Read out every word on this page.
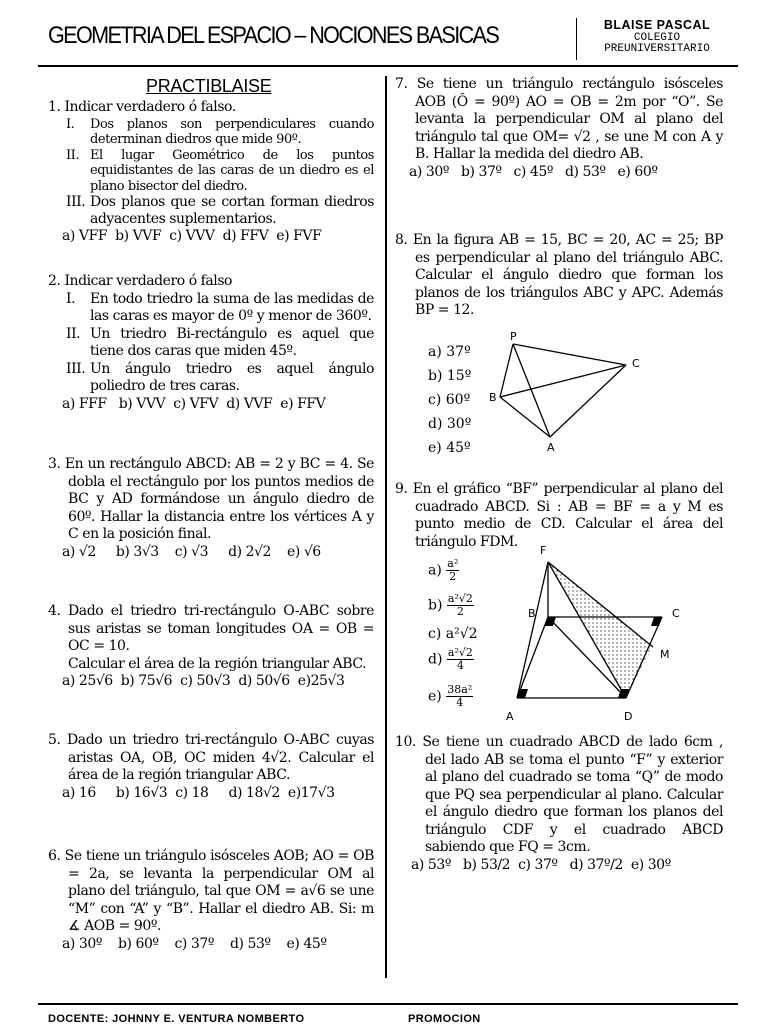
GEOMETRIA DEL ESPACIO – NOCIONES BASICAS	BLAISE PASCAL
COLEGIO
PREUNIVERSITARIO
PRACTIBLAISE

1. Indicar verdadero ó falso.

I.	Dos planos son perpendiculares cuando determinan diedros que mide 90º.
II. El lugar Geométrico de los puntos equidistantes de las caras de un diedro es el plano bisector del diedro.
III. Dos planos que se cortan forman diedros adyacentes suplementarios.

a) VFF  b) VVF  c) VVV  d) FFV  e) FVF

2. Indicar verdadero ó falso

I.	En todo triedro la suma de las medidas de las caras es mayor de 0º y menor de 360º.
II. Un triedro Bi-rectángulo es aquel que tiene dos caras que miden 45º.
III. Un ángulo triedro es aquel ángulo poliedro de tres caras.

a) FFF   b) VVV  c) VFV  d) VVF  e) FFV

3. En un rectángulo ABCD: AB = 2 y BC = 4. Se dobla el rectángulo por los puntos medios de BC y AD formándose un ángulo diedro de 60º. Hallar la distancia entre los vértices A y C en la posición final.

a) √2     b) 3√3    c) √3     d) 2√2    e) √6

4. Dado el triedro tri-rectángulo O-ABC sobre sus aristas se toman longitudes OA = OB = OC = 10.

Calcular el área de la región triangular ABC.

a) 25√6  b) 75√6  c) 50√3  d) 50√6  e)25√3

5. Dado un triedro tri-rectángulo O-ABC cuyas aristas OA, OB, OC miden 4√2. Calcular el área de la región triangular ABC.

a) 16     b) 16√3  c) 18     d) 18√2  e)17√3

6. Se tiene un triángulo isósceles AOB; AO = OB = 2a, se levanta la perpendicular OM al plano del triángulo, tal que OM = a√6 se une “M” con “A” y “B”. Hallar el diedro AB. Si: m ∡ AOB = 90º.

a) 30º    b) 60º    c) 37º    d) 53º    e) 45º

7. Se tiene un triángulo rectángulo isósceles AOB (Ô = 90º) AO = OB = 2m por “O”. Se levanta la perpendicular OM al plano del triángulo tal que OM= √2 , se une M con A y B. Hallar la medida del diedro AB.

a) 30º   b) 37º   c) 45º   d) 53º   e) 60º

8. En la figura AB = 15, BC = 20, AC = 25; BP es perpendicular al plano del triángulo ABC. Calcular el ángulo diedro que forman los planos de los triángulos ABC y APC. Además BP = 12.

a) 37º
b) 15º
c) 60º
d) 30º
e) 45º
P
B
C
A

9. En el gráfico “BF” perpendicular al plano del cuadrado ABCD. Si : AB = BF = a y M es punto medio de CD. Calcular el área del triángulo FDM.

$a) \frac{\text{a²}}{2}$
$b) \frac{\text{a²√2}}{2}$
c) a²√2
$d) \frac{\text{a²√2}}{4}$
$e) \frac{\text{38a²}}{4}$
F
B	C
M
A	D

10. Se tiene un cuadrado ABCD de lado 6cm , del lado AB se toma el punto “F” y exterior al plano del cuadrado se toma “Q” de modo que PQ sea perpendicular al plano. Calcular el ángulo diedro que forman los planos del triángulo CDF y el cuadrado ABCD sabiendo que FQ = 3cm.

a) 53º   b) 53/2  c) 37º   d) 37º/2  e) 30º

DOCENTE: JOHNNY E. VENTURA NOMBERTO	PROMOCION
